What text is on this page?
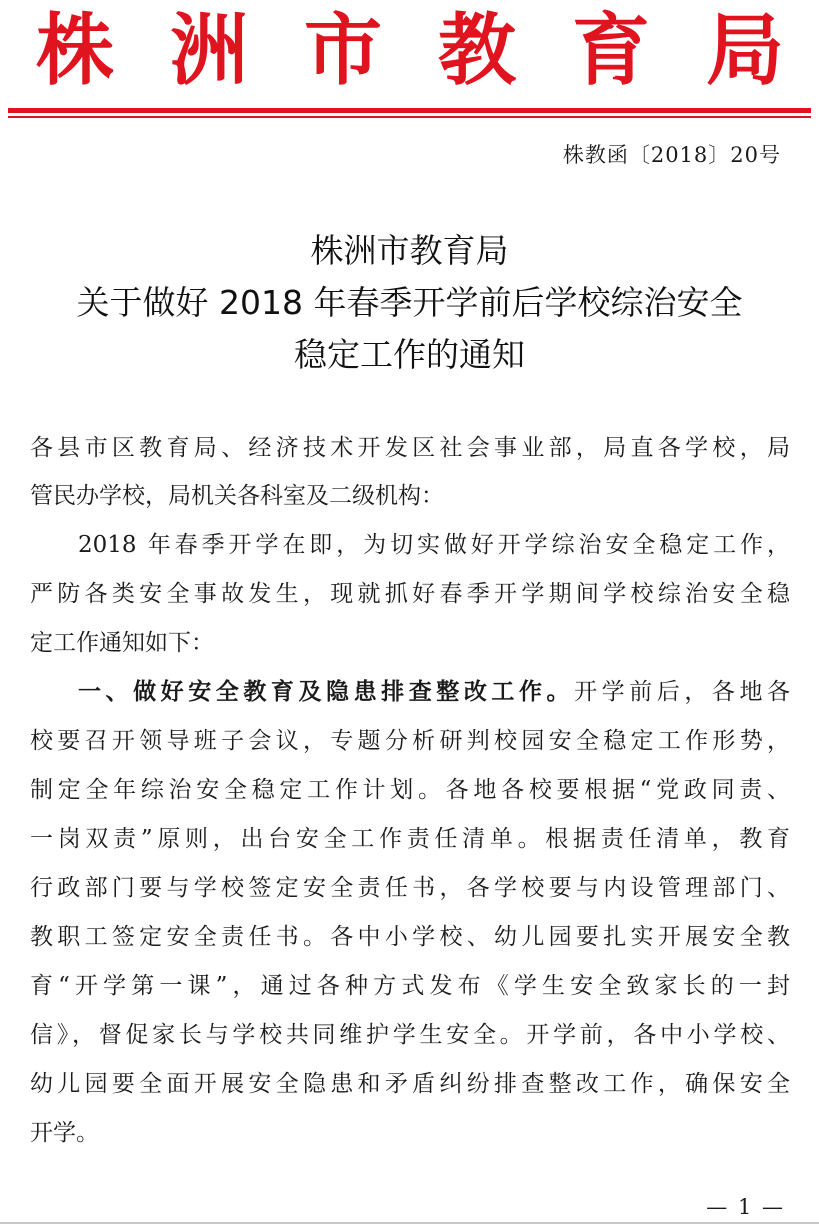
株 洲 市 教 育 局
株教函〔2018〕20号
株洲市教育局
关于做好 2018 年春季开学前后学校综治安全
稳定工作的通知
各县市区教育局、经济技术开发区社会事业部，局直各学校，局
管民办学校，局机关各科室及二级机构：
2018 年春季开学在即，为切实做好开学综治安全稳定工作，
严防各类安全事故发生，现就抓好春季开学期间学校综治安全稳
定工作通知如下：
一、做好安全教育及隐患排查整改工作。开学前后，各地各
校要召开领导班子会议，专题分析研判校园安全稳定工作形势，
制定全年综治安全稳定工作计划。各地各校要根据“党政同责、
一岗双责”原则，出台安全工作责任清单。根据责任清单，教育
行政部门要与学校签定安全责任书，各学校要与内设管理部门、
教职工签定安全责任书。各中小学校、幼儿园要扎实开展安全教
育“开学第一课”，通过各种方式发布《学生安全致家长的一封
信》，督促家长与学校共同维护学生安全。开学前，各中小学校、
幼儿园要全面开展安全隐患和矛盾纠纷排查整改工作，确保安全
开学。
— 1 —
